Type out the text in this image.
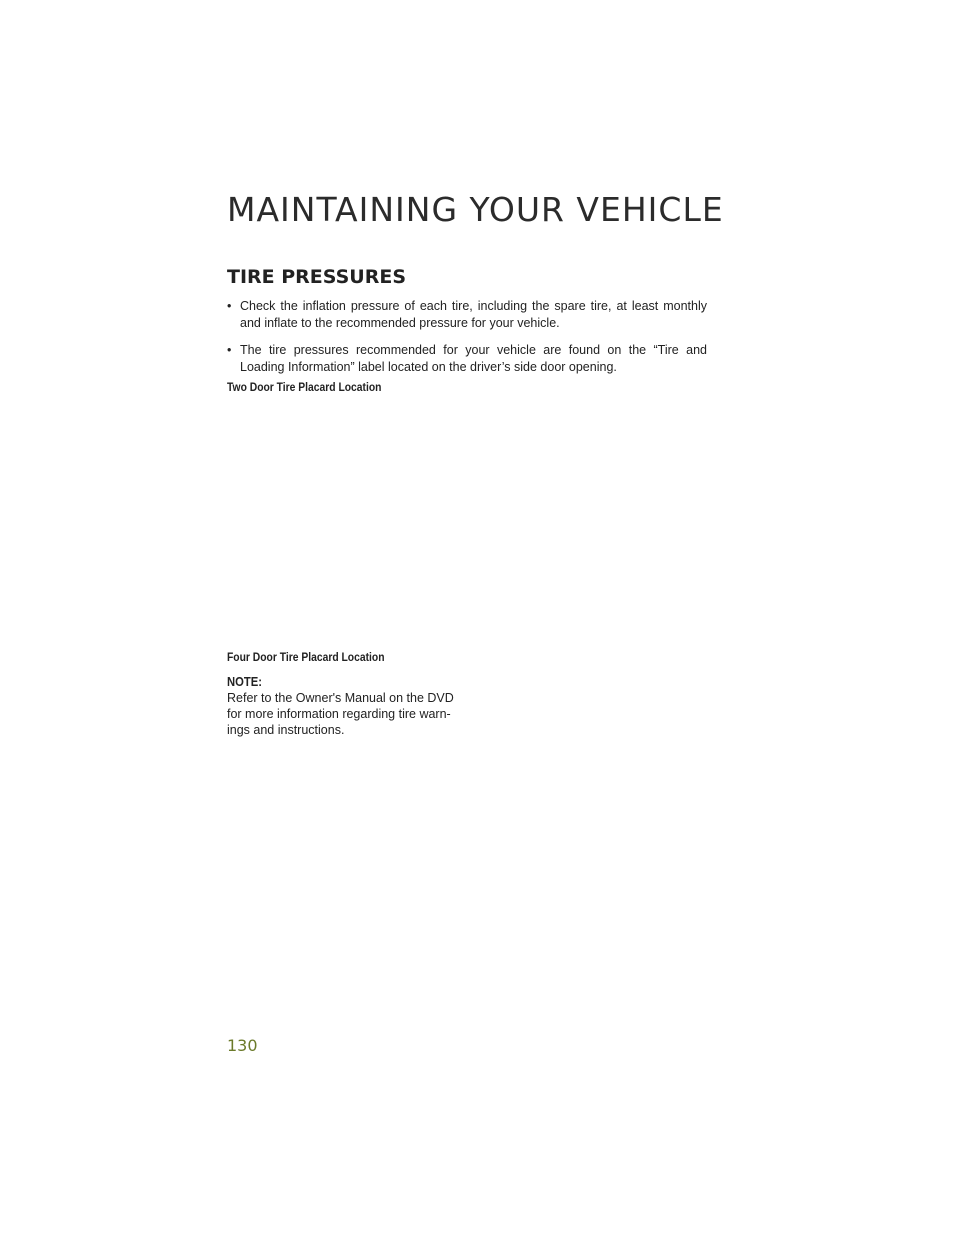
MAINTAINING YOUR VEHICLE
TIRE PRESSURES
• Check the inflation pressure of each tire, including the spare tire, at least monthly and inflate to the recommended pressure for your vehicle.
• The tire pressures recommended for your vehicle are found on the “Tire and Loading Information” label located on the driver’s side door opening.

Two Door Tire Placard Location

Four Door Tire Placard Location

NOTE:
Refer to the Owner's Manual on the DVD for more information regarding tire warn-ings and instructions.

130
